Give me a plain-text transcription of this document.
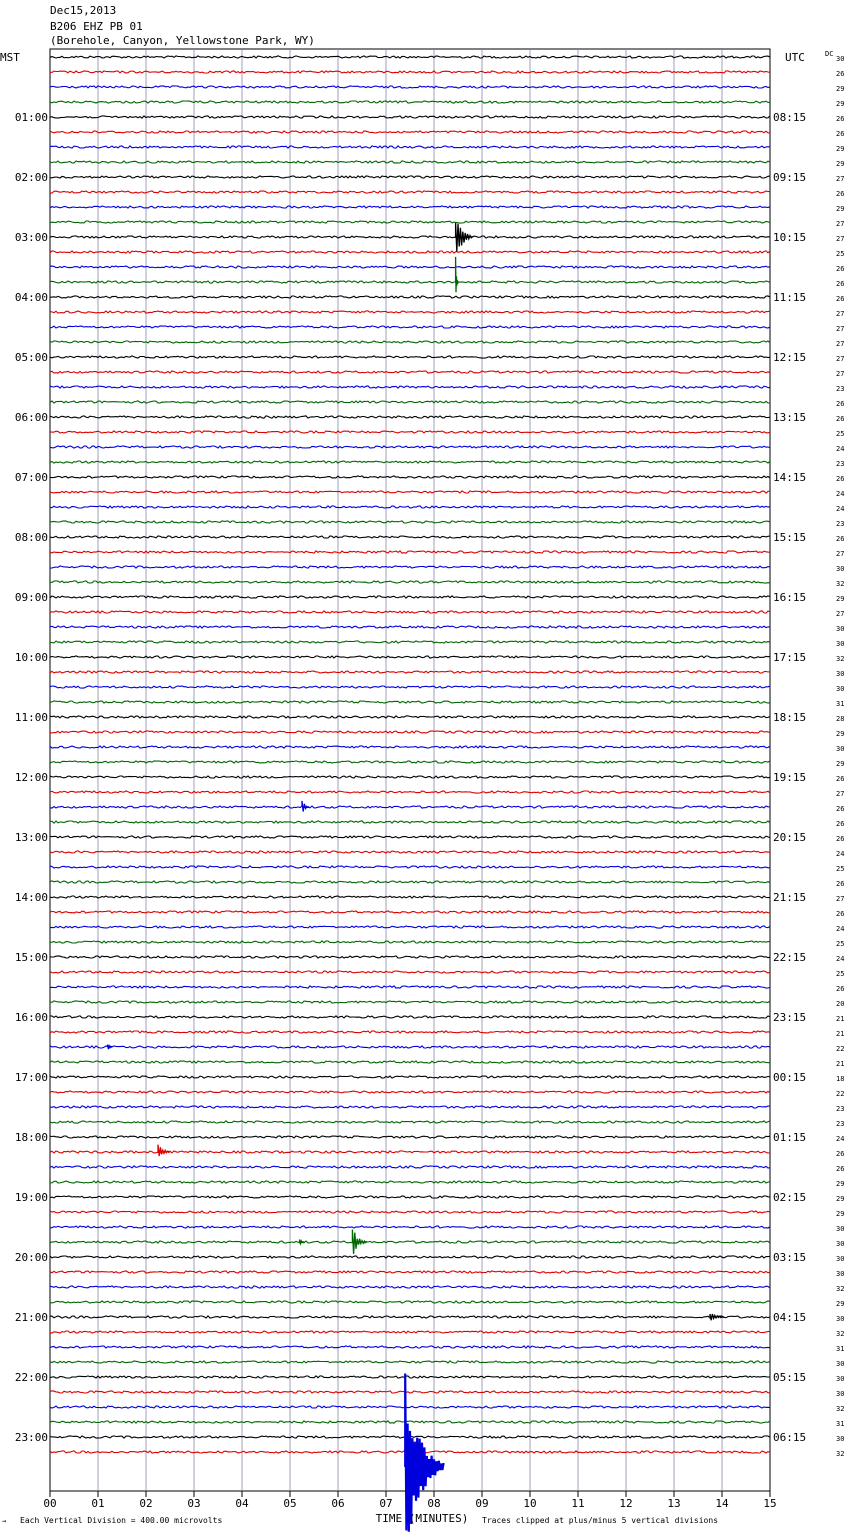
Dec15,2013
B206 EHZ PB 01
(Borehole, Canyon, Yellowstone Park, WY)
00	01	02	03	04	05	06	07	08	09	10	11	12	13	14	15
30
26
29
29
26
26
29
29
27
26
29
27
27
25
26
26
26
27
27
27
27
27
23
26
26
25
24
23
26
24
24
23
26
27
30
32
29
27
30
30
32
30
30
31
28
29
30
29
26
27
26
26
26
24
25
26
27
26
24
25
24
25
26
20
21
21
22
21
18
22
23
23
24
26
26
29
29
29
30
30
30
30
32
29
30
32
31
30
30
30
32
31
30
32
01:00
02:00
03:00
04:00
05:00
06:00
07:00
08:00
09:00
10:00
11:00
12:00
13:00
14:00
15:00
16:00
17:00
18:00
19:00
20:00
21:00
22:00
23:00
08:15
09:15
10:15
11:15
12:15
13:15
14:15
15:15
16:15
17:15
18:15
19:15
20:15
21:15
22:15
23:15
00:15
01:15
02:15
03:15
04:15
05:15
06:15
MST	UTC	DC
→ Each Vertical Division = 400.00 microvolts	TIME (MINUTES) Traces clipped at plus/minus 5 vertical divisions
